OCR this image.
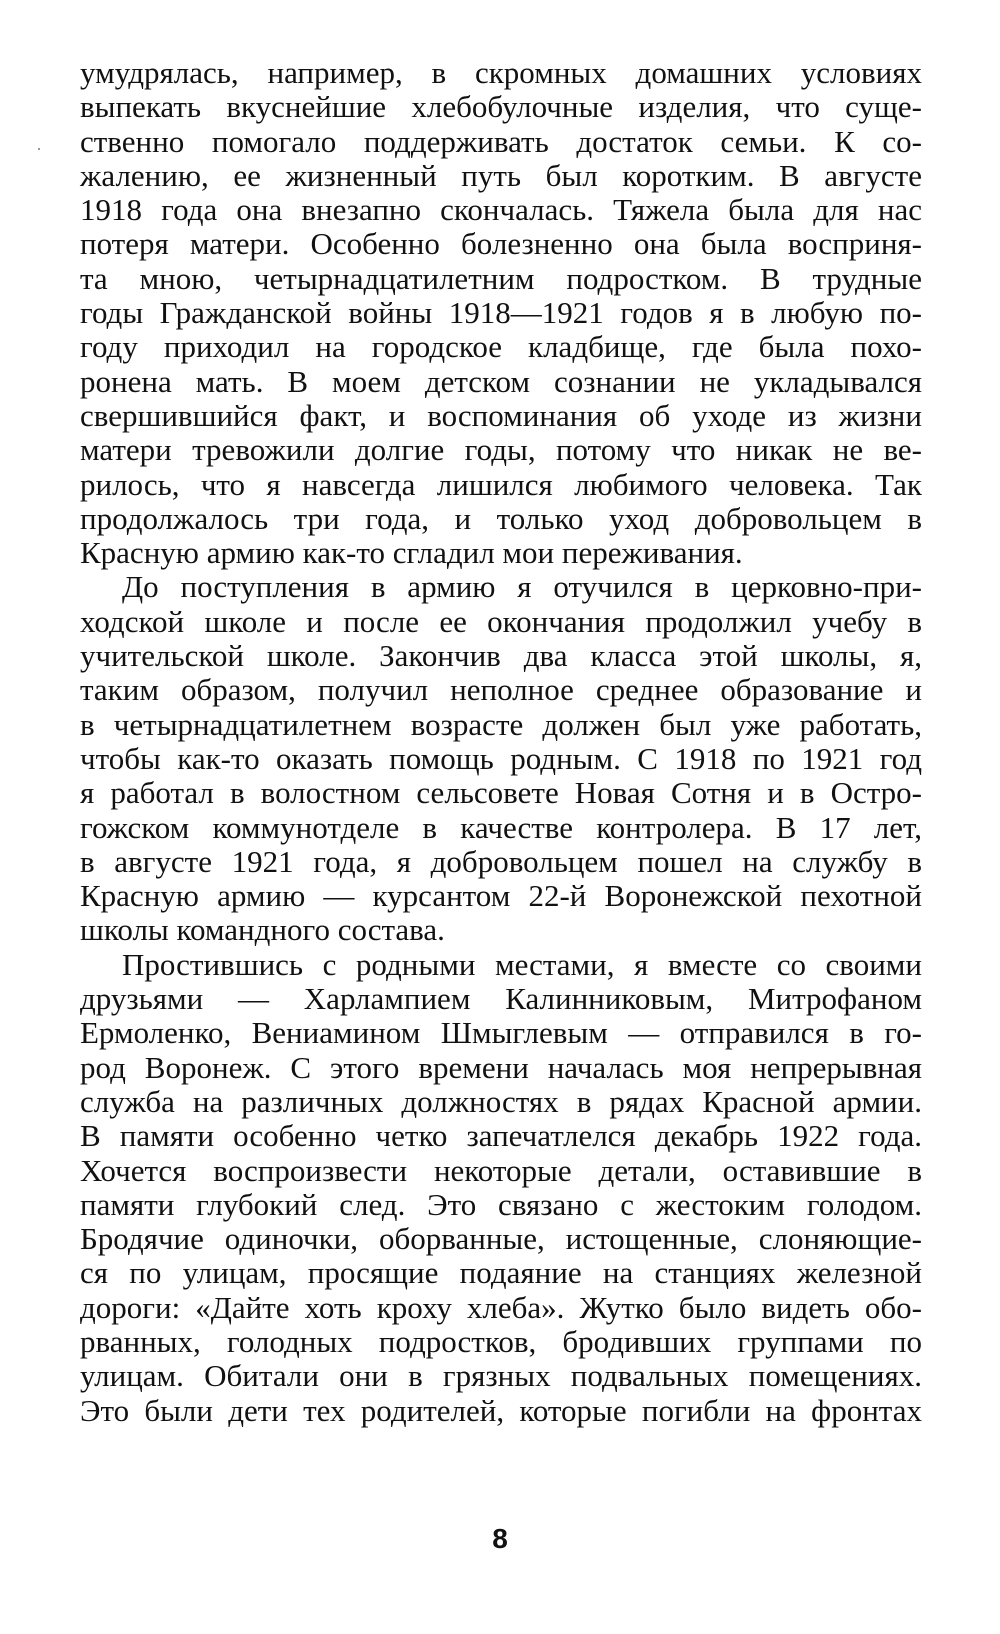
умудрялась, например, в скромных домашних условиях
выпекать вкуснейшие хлебобулочные изделия, что суще-
ственно помогало поддерживать достаток семьи. К со-
жалению, ее жизненный путь был коротким. В августе
1918 года она внезапно скончалась. Тяжела была для нас
потеря матери. Особенно болезненно она была восприня-
та мною, четырнадцатилетним подростком. В трудные
годы Гражданской войны 1918—1921 годов я в любую по-
году приходил на городское кладбище, где была похо-
ронена мать. В моем детском сознании не укладывался
свершившийся факт, и воспоминания об уходе из жизни
матери тревожили долгие годы, потому что никак не ве-
рилось, что я навсегда лишился любимого человека. Так
продолжалось три года, и только уход добровольцем в
Красную армию как-то сгладил мои переживания.
До поступления в армию я отучился в церковно-при-
ходской школе и после ее окончания продолжил учебу в
учительской школе. Закончив два класса этой школы, я,
таким образом, получил неполное среднее образование и
в четырнадцатилетнем возрасте должен был уже работать,
чтобы как-то оказать помощь родным. С 1918 по 1921 год
я работал в волостном сельсовете Новая Сотня и в Остро-
гожском коммунотделе в качестве контролера. В 17 лет,
в августе 1921 года, я добровольцем пошел на службу в
Красную армию — курсантом 22-й Воронежской пехотной
школы командного состава.
Простившись с родными местами, я вместе со своими
друзьями — Харлампием Калинниковым, Митрофаном
Ермоленко, Вениамином Шмыглевым — отправился в го-
род Воронеж. С этого времени началась моя непрерывная
служба на различных должностях в рядах Красной армии.
В памяти особенно четко запечатлелся декабрь 1922 года.
Хочется воспроизвести некоторые детали, оставившие в
памяти глубокий след. Это связано с жестоким голодом.
Бродячие одиночки, оборванные, истощенные, слоняющие-
ся по улицам, просящие подаяние на станциях железной
дороги: «Дайте хоть кроху хлеба». Жутко было видеть обо-
рванных, голодных подростков, бродивших группами по
улицам. Обитали они в грязных подвальных помещениях.
Это были дети тех родителей, которые погибли на фронтах
8
